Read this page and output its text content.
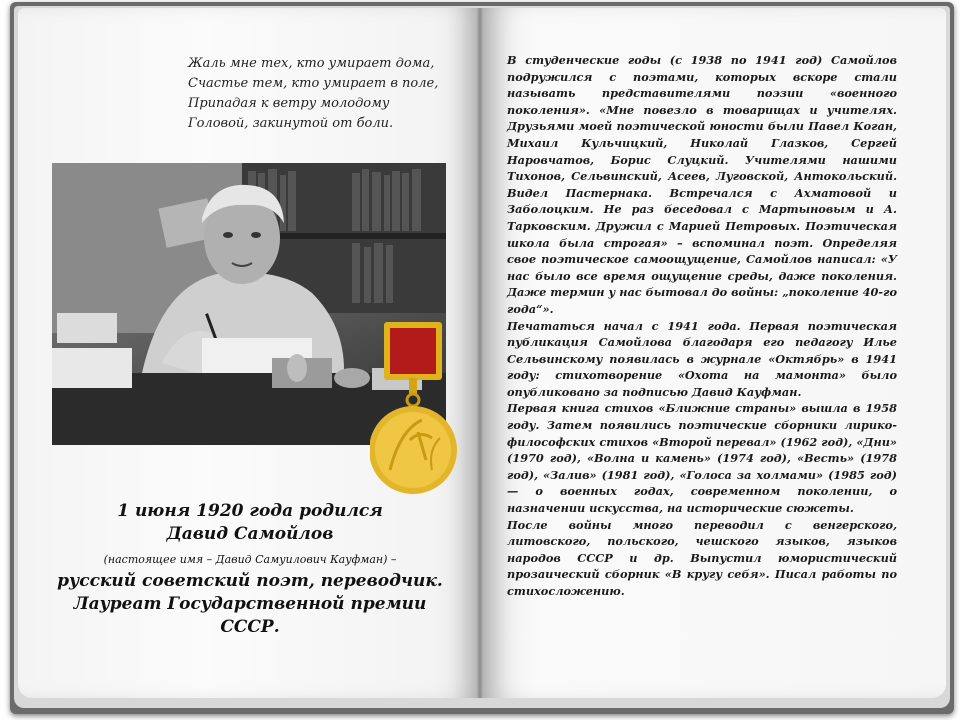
Жаль мне тех, кто умирает дома,
Счастье тем, кто умирает в поле,
Припадая к ветру молодому
Головой, закинутой от боли.
1 июня 1920 года родился
Давид Самойлов
(настоящее имя – Давид Самуилович Кауфман) –
русский советский поэт, переводчик.
Лауреат Государственной премии
СССР.

В студенческие годы (с 1938 по 1941 год) Самойлов подружился с поэтами, которых вскоре стали называть представителями поэзии «военного поколения». «Мне повезло в товарищах и учителях. Друзьями моей поэтической юности были Павел Коган, Михаил Кульчицкий, Николай Глазков, Сергей Наровчатов, Борис Слуцкий. Учителями нашими Тихонов, Сельвинский, Асеев, Луговской, Антокольский. Видел Пастернака. Встречался с Ахматовой и Заболоцким. Не раз беседовал с Мартыновым и А. Тарковским. Дружил с Марией Петровых. Поэтическая школа была строгая» – вспоминал поэт. Определяя свое поэтическое самоощущение, Самойлов написал: «У нас было все время ощущение среды, даже поколения. Даже термин у нас бытовал до войны: „поколение 40-го года“».

Печататься начал с 1941 года. Первая поэтическая публикация Самойлова благодаря его педагогу Илье Сельвинскому появилась в журнале «Октябрь» в 1941 году: стихотворение «Охота на мамонта» было опубликовано за подписью Давид Кауфман.

Первая книга стихов «Ближние страны» вышла в 1958 году. Затем появились поэтические сборники лирико-философских стихов «Второй перевал» (1962 год), «Дни» (1970 год), «Волна и камень» (1974 год), «Весть» (1978 год), «Залив» (1981 год), «Голоса за холмами» (1985 год) — о военных годах, современном поколении, о назначении искусства, на исторические сюжеты.

После войны много переводил с венгерского, литовского, польского, чешского языков, языков народов СССР и др. Выпустил юмористический прозаический сборник «В кругу себя». Писал работы по стихосложению.
